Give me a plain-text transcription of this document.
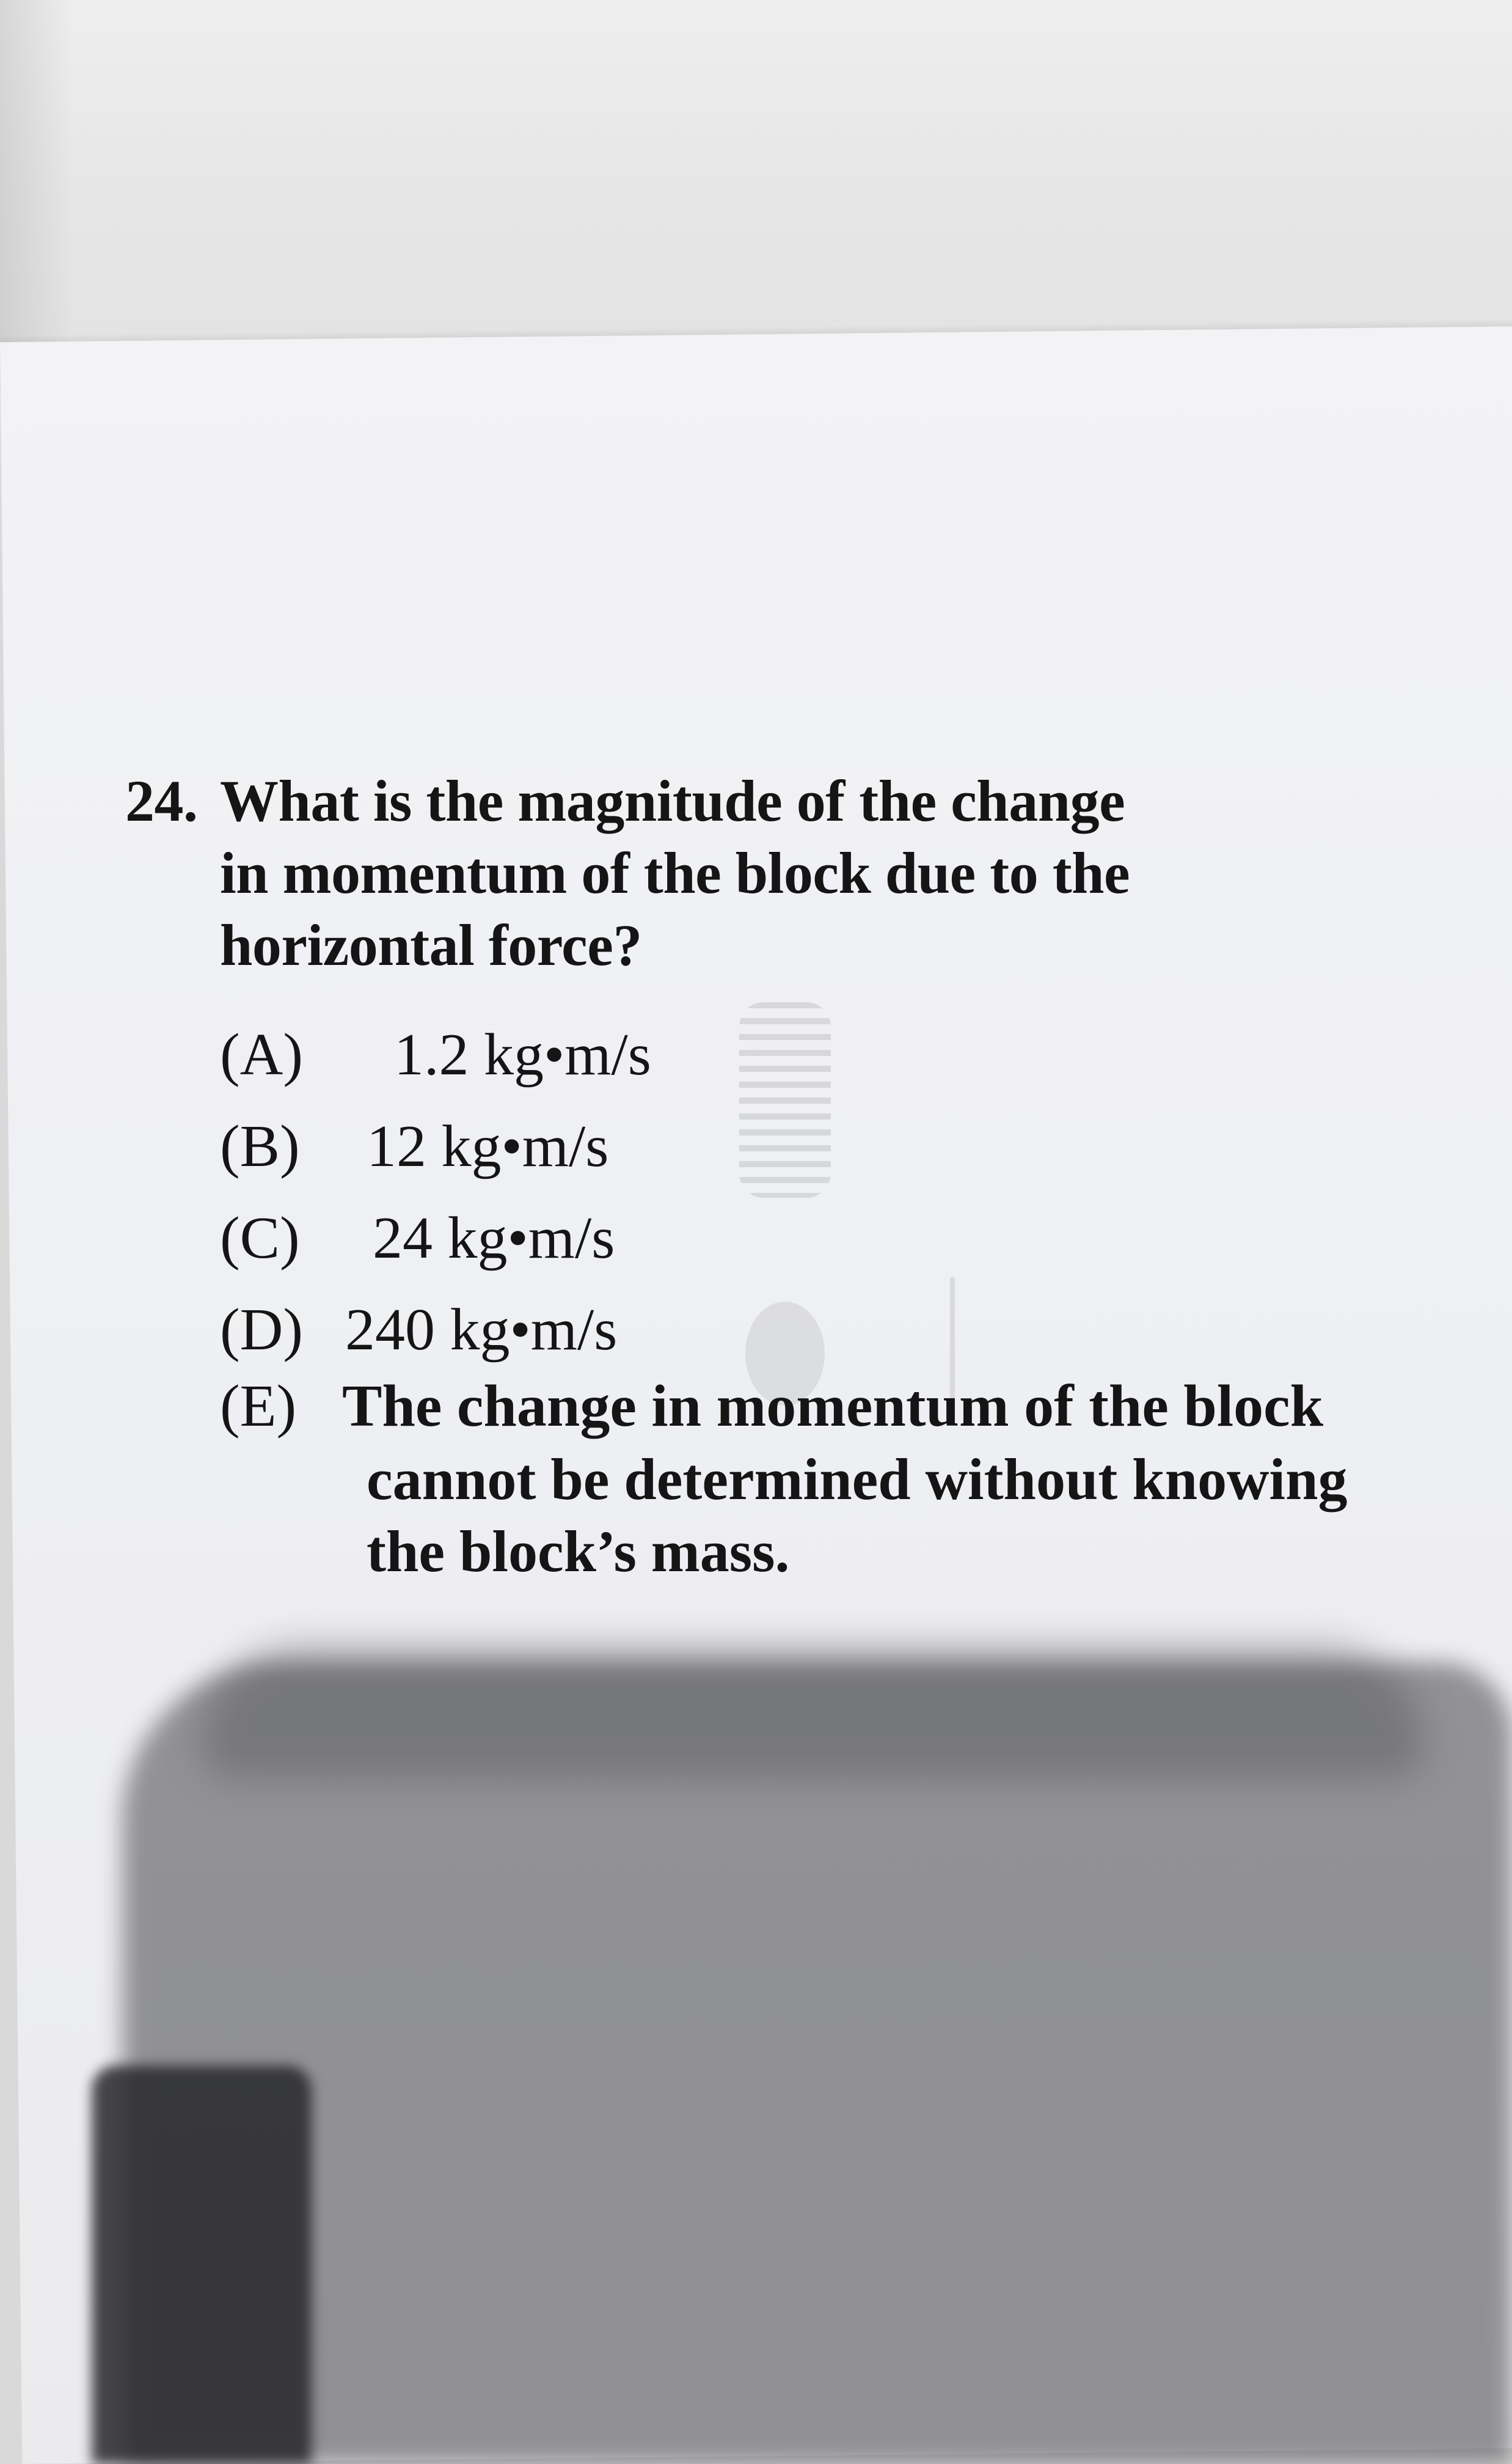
24. What is the magnitude of the change
in momentum of the block due to the
horizontal force?
(A) 1.2 kg•m/s
(B) 12 kg•m/s
(C) 24 kg•m/s
(D) 240 kg•m/s
(E) The change in momentum of the block
cannot be determined without knowing
the block’s mass.
